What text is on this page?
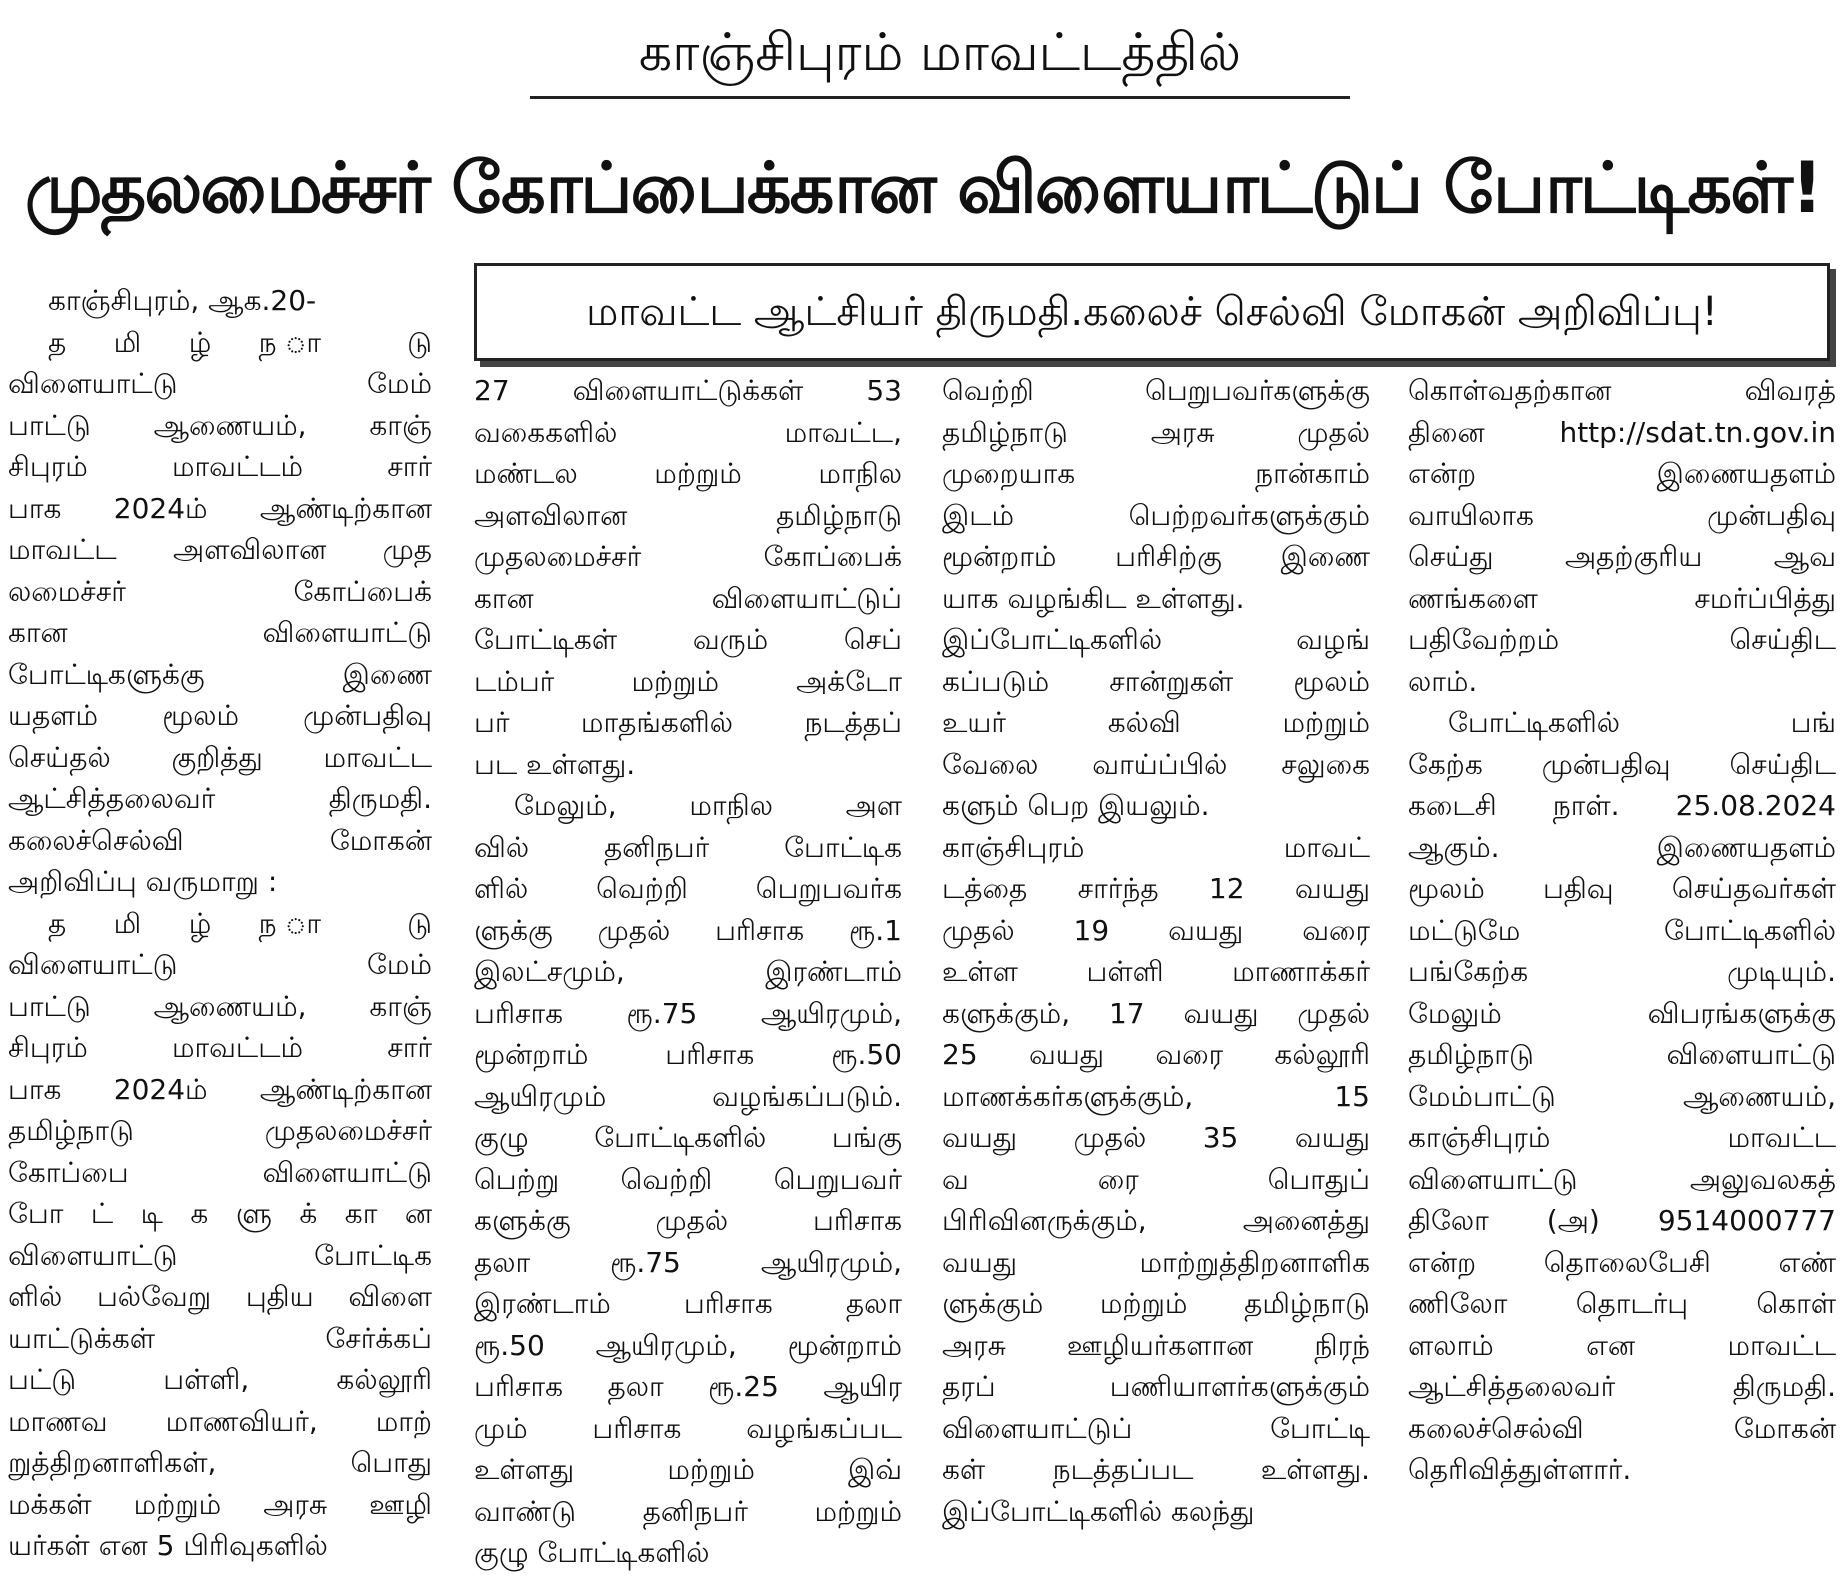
காஞ்சிபுரம் மாவட்டத்தில்
முதலமைச்சர் கோப்பைக்கான விளையாட்டுப் போட்டிகள்!
மாவட்ட ஆட்சியர் திருமதி.கலைச் செல்வி மோகன் அறிவிப்பு!
காஞ்சிபுரம், ஆக.20-
த மி ழ் ந ா டு
விளையாட்டு மேம்
பாட்டு ஆணையம், காஞ்
சிபுரம் மாவட்டம் சார்
பாக 2024ம் ஆண்டிற்கான
மாவட்ட அளவிலான முத
லமைச்சர் கோப்பைக்
கான விளையாட்டு
போட்டிகளுக்கு இணை
யதளம் மூலம் முன்பதிவு
செய்தல் குறித்து மாவட்ட
ஆட்சித்தலைவர் திருமதி.
கலைச்செல்வி மோகன்
அறிவிப்பு வருமாறு :
த மி ழ் ந ா டு
விளையாட்டு மேம்
பாட்டு ஆணையம், காஞ்
சிபுரம் மாவட்டம் சார்
பாக 2024ம் ஆண்டிற்கான
தமிழ்நாடு முதலமைச்சர்
கோப்பை விளையாட்டு
போ ட் டி க ளு க் கா ன
விளையாட்டு போட்டிக
ளில் பல்வேறு புதிய விளை
யாட்டுக்கள் சேர்க்கப்
பட்டு பள்ளி, கல்லூரி
மாணவ மாணவியர், மாற்
றுத்திறனாளிகள், பொது
மக்கள் மற்றும் அரசு ஊழி
யர்கள் என 5 பிரிவுகளில்
27 விளையாட்டுக்கள் 53
வகைகளில் மாவட்ட,
மண்டல மற்றும் மாநில
அளவிலான தமிழ்நாடு
முதலமைச்சர் கோப்பைக்
கான விளையாட்டுப்
போட்டிகள் வரும் செப்
டம்பர் மற்றும் அக்டோ
பர் மாதங்களில் நடத்தப்
பட உள்ளது.
மேலும், மாநில அள
வில் தனிநபர் போட்டிக
ளில் வெற்றி பெறுபவர்க
ளுக்கு முதல் பரிசாக ரூ.1
இலட்சமும், இரண்டாம்
பரிசாக ரூ.75 ஆயிரமும்,
மூன்றாம் பரிசாக ரூ.50
ஆயிரமும் வழங்கப்படும்.
குழு போட்டிகளில் பங்கு
பெற்று வெற்றி பெறுபவர்
களுக்கு முதல் பரிசாக
தலா ரூ.75 ஆயிரமும்,
இரண்டாம் பரிசாக தலா
ரூ.50 ஆயிரமும், மூன்றாம்
பரிசாக தலா ரூ.25 ஆயிர
மும் பரிசாக வழங்கப்பட
உள்ளது மற்றும் இவ்
வாண்டு தனிநபர் மற்றும்
குழு போட்டிகளில்
வெற்றி பெறுபவர்களுக்கு
தமிழ்நாடு அரசு முதல்
முறையாக நான்காம்
இடம் பெற்றவர்களுக்கும்
மூன்றாம் பரிசிற்கு இணை
யாக வழங்கிட உள்ளது.
இப்போட்டிகளில் வழங்
கப்படும் சான்றுகள் மூலம்
உயர் கல்வி மற்றும்
வேலை வாய்ப்பில் சலுகை
களும் பெற இயலும்.
காஞ்சிபுரம் மாவட்
டத்தை சார்ந்த 12 வயது
முதல் 19 வயது வரை
உள்ள பள்ளி மாணாக்கர்
களுக்கும், 17 வயது முதல்
25 வயது வரை கல்லூரி
மாணக்கர்களுக்கும், 15
வயது முதல் 35 வயது
வ ரை பொதுப்
பிரிவினருக்கும், அனைத்து
வயது மாற்றுத்திறனாளிக
ளுக்கும் மற்றும் தமிழ்நாடு
அரசு ஊழியர்களான நிரந்
தரப் பணியாளர்களுக்கும்
விளையாட்டுப் போட்டி
கள் நடத்தப்பட உள்ளது.
இப்போட்டிகளில் கலந்து
கொள்வதற்கான விவரத்
தினை http://sdat.tn.gov.in
என்ற இணையதளம்
வாயிலாக முன்பதிவு
செய்து அதற்குரிய ஆவ
ணங்களை சமர்ப்பித்து
பதிவேற்றம் செய்திட
லாம்.
போட்டிகளில் பங்
கேற்க முன்பதிவு செய்திட
கடைசி நாள். 25.08.2024
ஆகும். இணையதளம்
மூலம் பதிவு செய்தவர்கள்
மட்டுமே போட்டிகளில்
பங்கேற்க முடியும்.
மேலும் விபரங்களுக்கு
தமிழ்நாடு விளையாட்டு
மேம்பாட்டு ஆணையம்,
காஞ்சிபுரம் மாவட்ட
விளையாட்டு அலுவலகத்
திலோ (அ) 9514000777
என்ற தொலைபேசி எண்
ணிலோ தொடர்பு கொள்
ளலாம் என மாவட்ட
ஆட்சித்தலைவர் திருமதி.
கலைச்செல்வி மோகன்
தெரிவித்துள்ளார்.
